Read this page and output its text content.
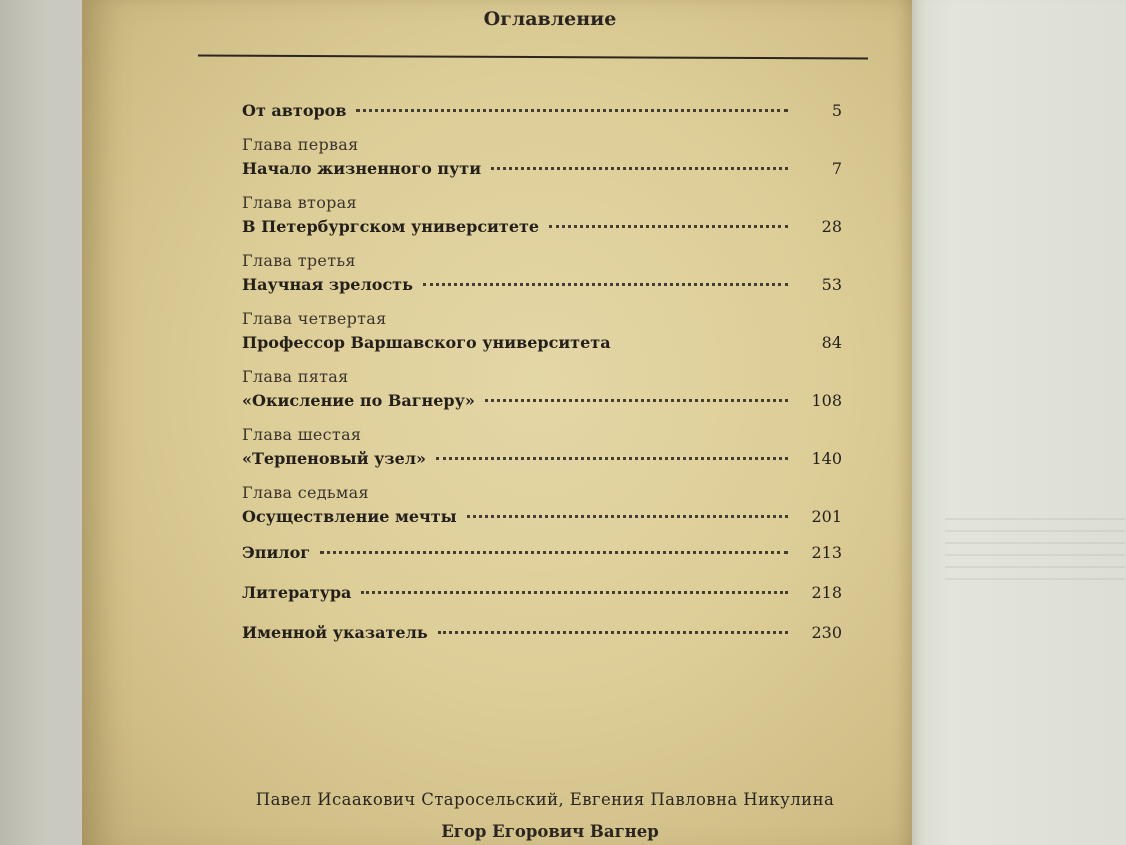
Оглавление
От авторов	5
Глава первая
Начало жизненного пути	7
Глава вторая
В Петербургском университете	28
Глава третья
Научная зрелость	53
Глава четвертая
Профессор Варшавского университета	84
Глава пятая
«Окисление по Вагнеру»	108
Глава шестая
«Терпеновый узел»	140
Глава седьмая
Осуществление мечты	201
Эпилог	213
Литература	218
Именной указатель	230
Павел Исаакович Старосельский, Евгения Павловна Никулина
Егор Егорович Вагнер
